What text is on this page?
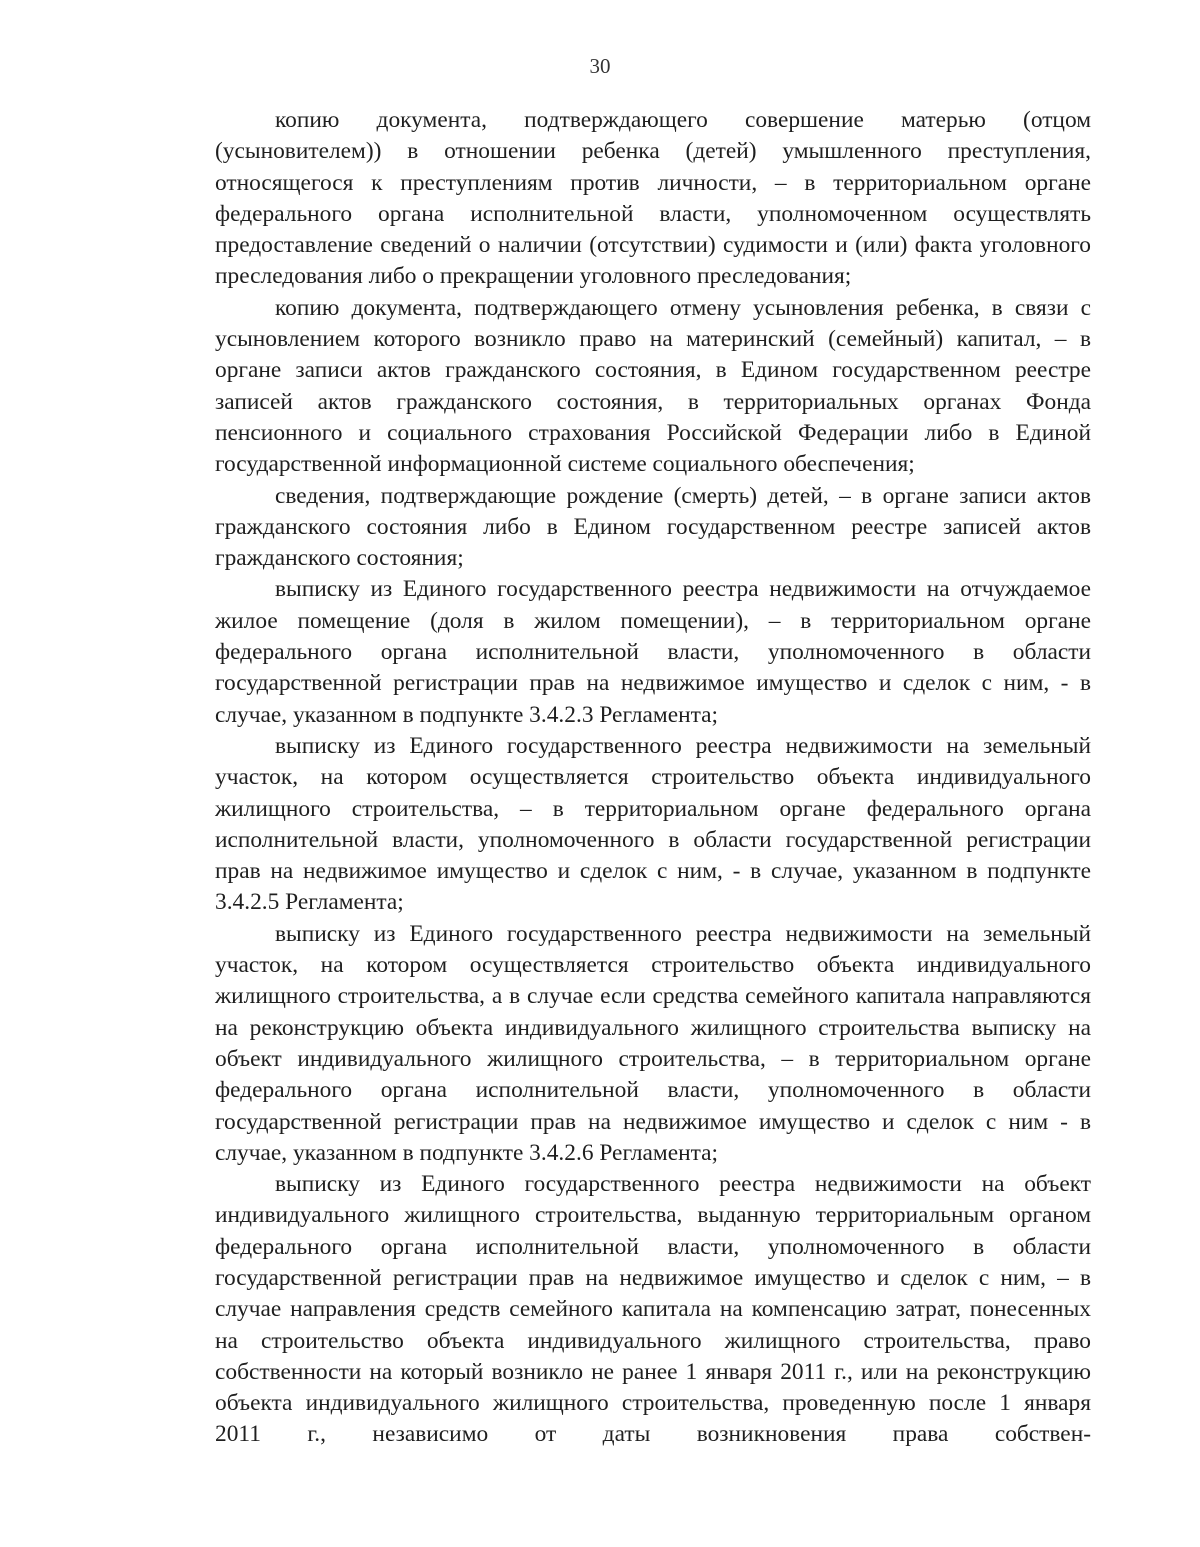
30

копию документа, подтверждающего совершение матерью (отцом (усыновителем)) в отношении ребенка (детей) умышленного преступления, относящегося к преступлениям против личности, – в территориальном органе федерального органа исполнительной власти, уполномоченном осуществлять предоставление сведений о наличии (отсутствии) судимости и (или) факта уголовного преследования либо о прекращении уголовного преследования;

копию документа, подтверждающего отмену усыновления ребенка, в связи с усыновлением которого возникло право на материнский (семейный) капитал, – в органе записи актов гражданского состояния, в Едином государственном реестре записей актов гражданского состояния, в территориальных органах Фонда пенсионного и социального страхования Российской Федерации либо в Единой государственной информационной системе социального обеспечения;

сведения, подтверждающие рождение (смерть) детей, – в органе записи актов гражданского состояния либо в Едином государственном реестре записей актов гражданского состояния;

выписку из Единого государственного реестра недвижимости на отчуждаемое жилое помещение (доля в жилом помещении), – в территориальном органе федерального органа исполнительной власти, уполномоченного в области государственной регистрации прав на недвижимое имущество и сделок с ним, - в случае, указанном в подпункте 3.4.2.3 Регламента;

выписку из Единого государственного реестра недвижимости на земельный участок, на котором осуществляется строительство объекта индивидуального жилищного строительства, – в территориальном органе федерального органа исполнительной власти, уполномоченного в области государственной регистрации прав на недвижимое имущество и сделок с ним, - в случае, указанном в подпункте 3.4.2.5 Регламента;

выписку из Единого государственного реестра недвижимости на земельный участок, на котором осуществляется строительство объекта индивидуального жилищного строительства, а в случае если средства семейного капитала направляются на реконструкцию объекта индивидуального жилищного строительства выписку на объект индивидуального жилищного строительства, – в территориальном органе федерального органа исполнительной власти, уполномоченного в области государственной регистрации прав на недвижимое имущество и сделок с ним - в случае, указанном в подпункте 3.4.2.6 Регламента;

выписку из Единого государственного реестра недвижимости на объект индивидуального жилищного строительства, выданную территориальным органом федерального органа исполнительной власти, уполномоченного в области государственной регистрации прав на недвижимое имущество и сделок с ним, – в случае направления средств семейного капитала на компенсацию затрат, понесенных на строительство объекта индивидуального жилищного строительства, право собственности на который возникло не ранее 1 января 2011 г., или на реконструкцию объекта индивидуального жилищного строительства, проведенную после 1 января 2011 г., независимо от даты возникновения права собствен-
